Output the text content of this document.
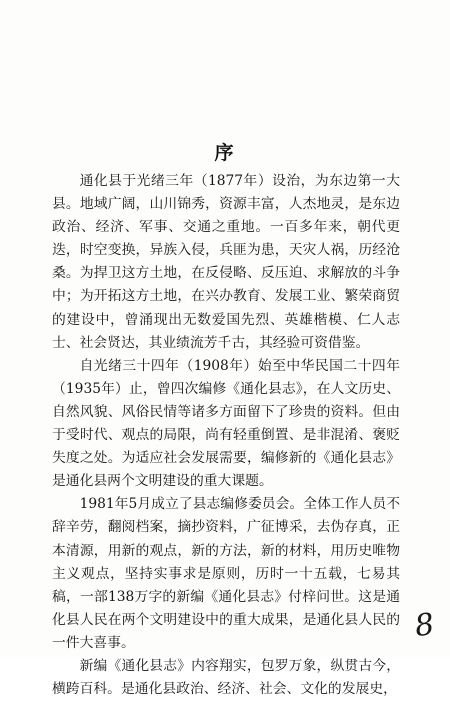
序

通化县于光绪三年（1877年）设治，为东边第一大县。地域广阔，山川锦秀，资源丰富，人杰地灵，是东边政治、经济、军事、交通之重地。一百多年来，朝代更迭，时空变换，异族入侵，兵匪为患，天灾人祸，历经沧桑。为捍卫这方土地，在反侵略、反压迫、求解放的斗争中；为开拓这方土地，在兴办教育、发展工业、繁荣商贸的建设中，曾涌现出无数爱国先烈、英雄楷模、仁人志士、社会贤达，其业绩流芳千古，其经验可资借鉴。

自光绪三十四年（1908年）始至中华民国二十四年（1935年）止，曾四次编修《通化县志》，在人文历史、自然风貌、风俗民情等诸多方面留下了珍贵的资料。但由于受时代、观点的局限，尚有轻重倒置、是非混淆、褒贬失度之处。为适应社会发展需要，编修新的《通化县志》是通化县两个文明建设的重大课题。

1981年5月成立了县志编修委员会。全体工作人员不辞辛劳，翻阅档案，摘抄资料，广征博采，去伪存真，正本清源，用新的观点，新的方法，新的材料，用历史唯物主义观点，坚持实事求是原则，历时一十五载，七易其稿，一部138万字的新编《通化县志》付梓问世。这是通化县人民在两个文明建设中的重大成果，是通化县人民的一件大喜事。

新编《通化县志》内容翔实，包罗万象，纵贯古今，横跨百科。是通化县政治、经济、社会、文化的发展史，

8
